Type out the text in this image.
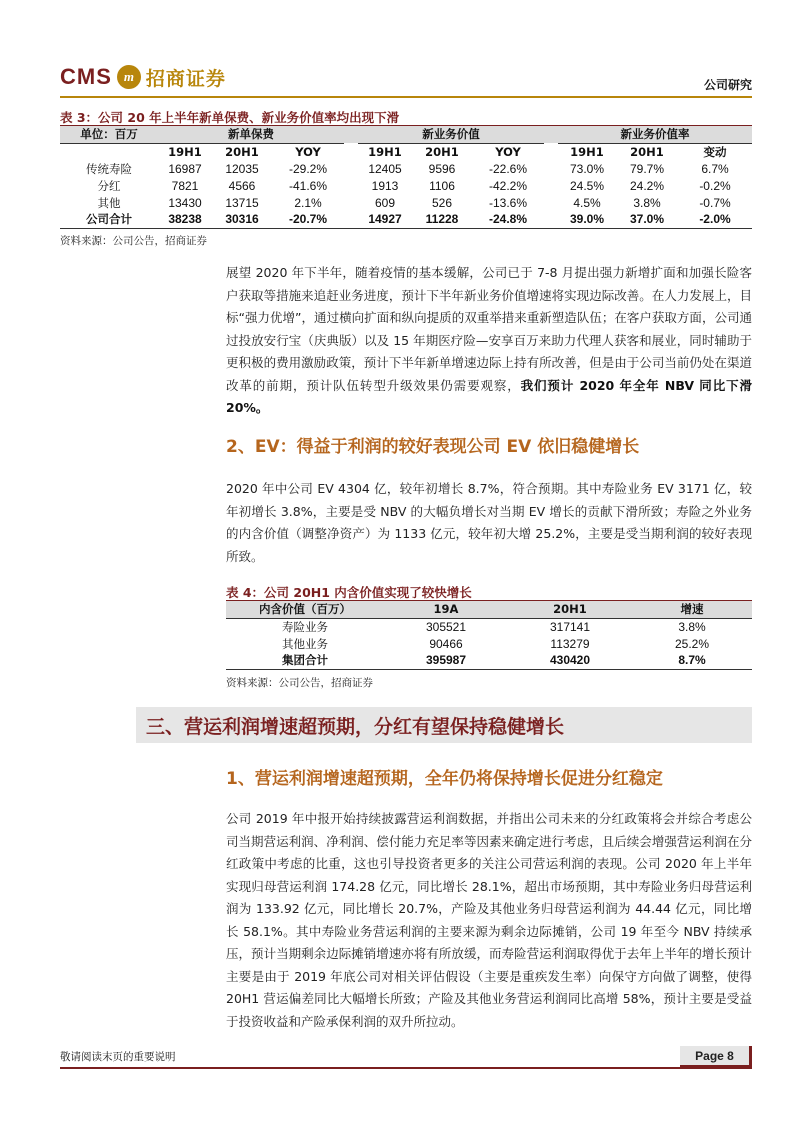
CMS m 招商证券	公司研究
表 3：公司 20 年上半年新单保费、新业务价值率均出现下滑
单位：百万	新单保费				新业务价值				新业务价值率		
	19H1	20H1	YOY		19H1	20H1	YOY		19H1	20H1	变动
传统寿险	16987	12035	-29.2%		12405	9596	-22.6%		73.0%	79.7%	6.7%
分红	7821	4566	-41.6%		1913	1106	-42.2%		24.5%	24.2%	-0.2%
其他	13430	13715	2.1%		609	526	-13.6%		4.5%	3.8%	-0.7%
公司合计	38238	30316	-20.7%		14927	11228	-24.8%		39.0%	37.0%	-2.0%
资料来源：公司公告，招商证券
展望 2020 年下半年，随着疫情的基本缓解，公司已于 7-8 月提出强力新增扩面和加强长险客户获取等措施来追赶业务进度，预计下半年新业务价值增速将实现边际改善。在人力发展上，目标“强力优增”，通过横向扩面和纵向提质的双重举措来重新塑造队伍；在客户获取方面，公司通过投放安行宝（庆典版）以及 15 年期医疗险—安享百万来助力代理人获客和展业，同时辅助于更积极的费用激励政策，预计下半年新单增速边际上持有所改善，但是由于公司当前仍处在渠道改革的前期，预计队伍转型升级效果仍需要观察，我们预计 2020 年全年 NBV 同比下滑 20%。
2、EV：得益于利润的较好表现公司 EV 依旧稳健增长
2020 年中公司 EV 4304 亿，较年初增长 8.7%，符合预期。其中寿险业务 EV 3171 亿，较年初增长 3.8%，主要是受 NBV 的大幅负增长对当期 EV 增长的贡献下滑所致；寿险之外业务的内含价值（调整净资产）为 1133 亿元，较年初大增 25.2%，主要是受当期利润的较好表现所致。
表 4：公司 20H1 内含价值实现了较快增长
内含价值（百万）	19A	20H1	增速
寿险业务	305521	317141	3.8%
其他业务	90466	113279	25.2%
集团合计	395987	430420	8.7%
资料来源：公司公告，招商证券
三、营运利润增速超预期，分红有望保持稳健增长
1、营运利润增速超预期，全年仍将保持增长促进分红稳定
公司 2019 年中报开始持续披露营运利润数据，并指出公司未来的分红政策将会并综合考虑公司当期营运利润、净利润、偿付能力充足率等因素来确定进行考虑，且后续会增强营运利润在分红政策中考虑的比重，这也引导投资者更多的关注公司营运利润的表现。公司 2020 年上半年实现归母营运利润 174.28 亿元，同比增长 28.1%，超出市场预期，其中寿险业务归母营运利润为 133.92 亿元，同比增长 20.7%，产险及其他业务归母营运利润为 44.44 亿元，同比增长 58.1%。其中寿险业务营运利润的主要来源为剩余边际摊销，公司 19 年至今 NBV 持续承压，预计当期剩余边际摊销增速亦将有所放缓，而寿险营运利润取得优于去年上半年的增长预计主要是由于 2019 年底公司对相关评估假设（主要是重疾发生率）向保守方向做了调整，使得 20H1 营运偏差同比大幅增长所致；产险及其他业务营运利润同比高增 58%，预计主要是受益于投资收益和产险承保利润的双升所拉动。
敬请阅读末页的重要说明	Page 8
